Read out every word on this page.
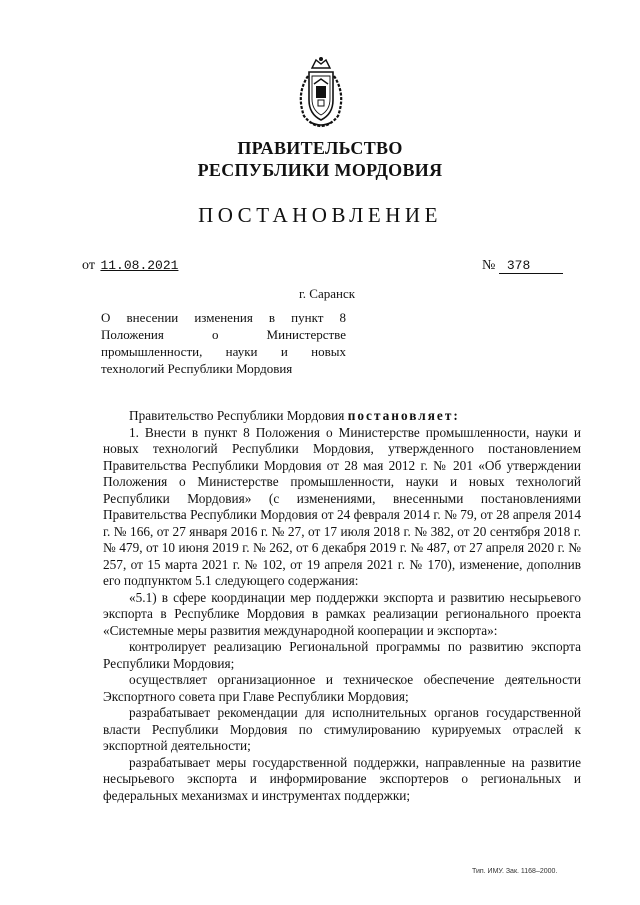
ПРАВИТЕЛЬСТВО
РЕСПУБЛИКИ МОРДОВИЯ
ПОСТАНОВЛЕНИЕ
от 11.08.2021	№ 378
г. Саранск
О внесении изменения в пункт 8
Положения о Министерстве
промышленности, науки и новых
технологий Республики Мордовия

Правительство Республики Мордовия постановляет:

1. Внести в пункт 8 Положения о Министерстве промышленности, науки и новых технологий Республики Мордовия, утвержденного постановлением Правительства Республики Мордовия от 28 мая 2012 г. № 201 «Об утверждении Положения о Министерстве промышленности, науки и новых технологий Республики Мордовия» (с изменениями, внесенными постановлениями Правительства Республики Мордовия от 24 февраля 2014 г. № 79, от 28 апреля 2014 г. № 166, от 27 января 2016 г. № 27, от 17 июля 2018 г. № 382, от 20 сентября 2018 г. № 479, от 10 июня 2019 г. № 262, от 6 декабря 2019 г. № 487, от 27 апреля 2020 г. № 257, от 15 марта 2021 г. № 102, от 19 апреля 2021 г. № 170), изменение, дополнив его подпунктом 5.1 следующего содержания:

«5.1) в сфере координации мер поддержки экспорта и развитию несырьевого экспорта в Республике Мордовия в рамках реализации регионального проекта «Системные меры развития международной кооперации и экспорта»:

контролирует реализацию Региональной программы по развитию экспорта Республики Мордовия;

осуществляет организационное и техническое обеспечение деятельности Экспортного совета при Главе Республики Мордовия;

разрабатывает рекомендации для исполнительных органов государственной власти Республики Мордовия по стимулированию курируемых отраслей к экспортной деятельности;

разрабатывает меры государственной поддержки, направленные на развитие несырьевого экспорта и информирование экспортеров о региональных и федеральных механизмах и инструментах поддержки;

Тип. ИМУ. Зак. 1168–2000.
